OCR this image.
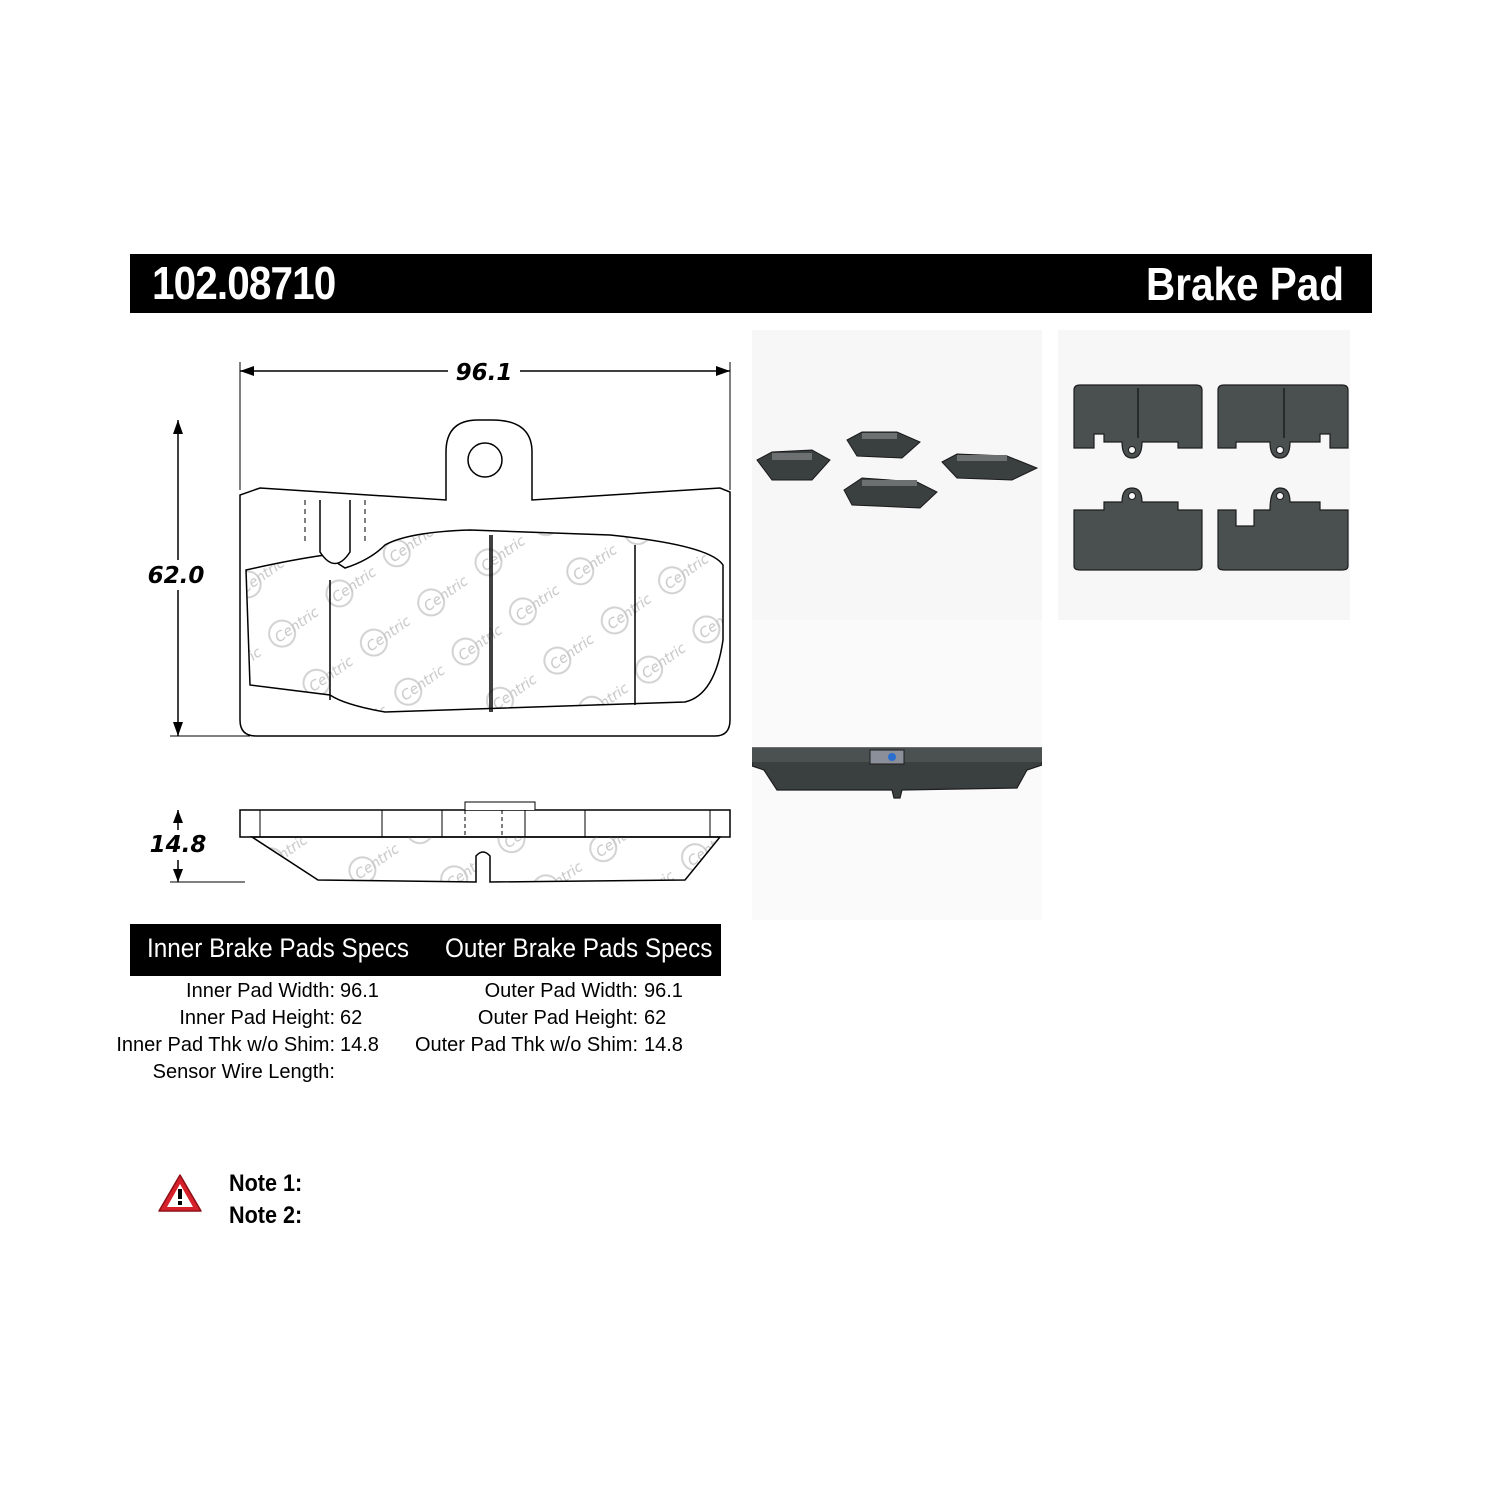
102.08710	Brake Pad
96.1
62.0
14.8
Inner Brake Pads Specs Outer Brake Pads Specs
Inner Pad Width: 96.1
Inner Pad Height: 62
Inner Pad Thk w/o Shim: 14.8
Sensor Wire Length:
Outer Pad Width: 96.1
Outer Pad Height: 62
Outer Pad Thk w/o Shim: 14.8
Note 1:
Note 2:
